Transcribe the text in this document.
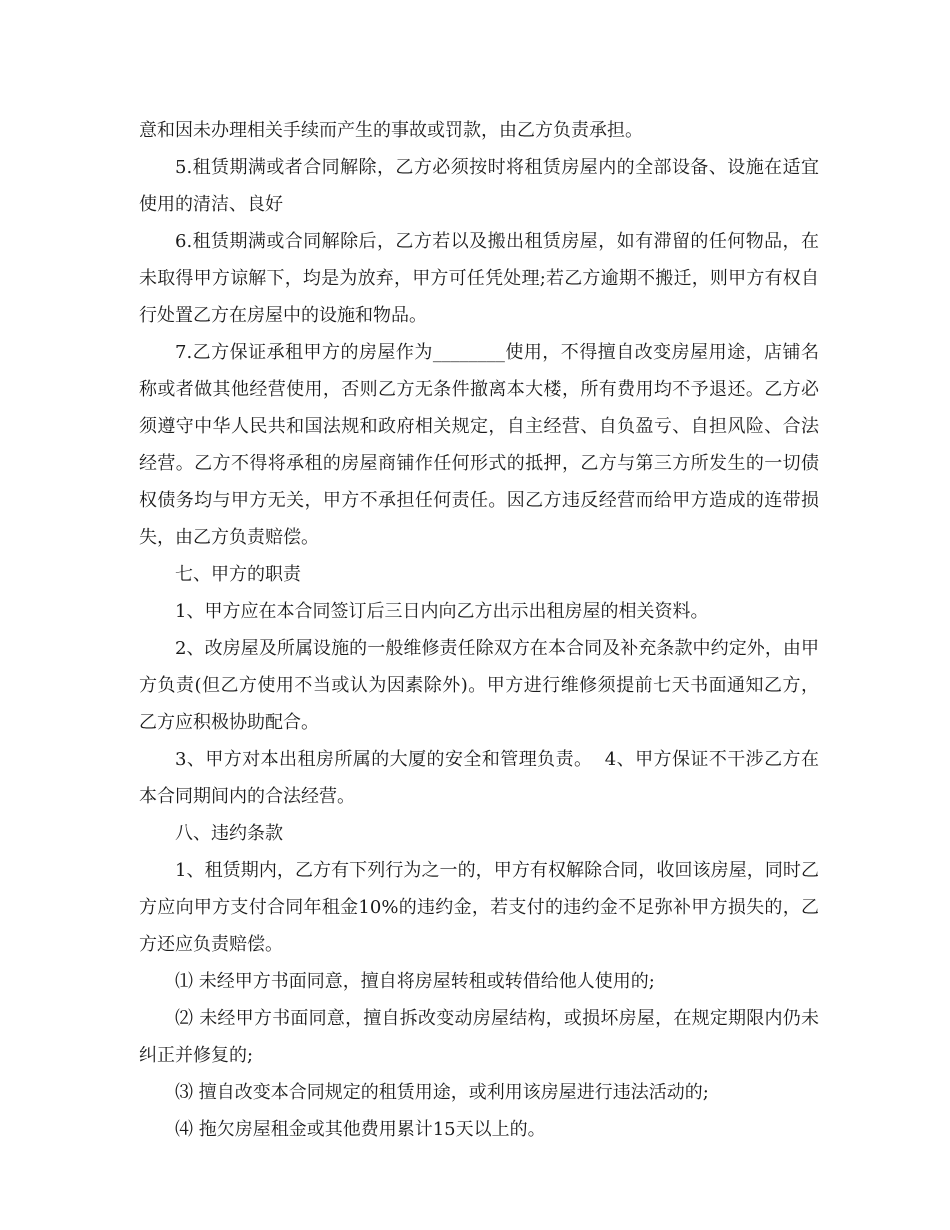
意和因未办理相关手续而产生的事故或罚款，由乙方负责承担。

5.租赁期满或者合同解除，乙方必须按时将租赁房屋内的全部设备、设施在适宜使用的清洁、良好

6.租赁期满或合同解除后，乙方若以及搬出租赁房屋，如有滞留的任何物品，在未取得甲方谅解下，均是为放弃，甲方可任凭处理;若乙方逾期不搬迁，则甲方有权自行处置乙方在房屋中的设施和物品。

7.乙方保证承租甲方的房屋作为________使用，不得擅自改变房屋用途，店铺名称或者做其他经营使用，否则乙方无条件撤离本大楼，所有费用均不予退还。乙方必须遵守中华人民共和国法规和政府相关规定，自主经营、自负盈亏、自担风险、合法经营。乙方不得将承租的房屋商铺作任何形式的抵押，乙方与第三方所发生的一切债权债务均与甲方无关，甲方不承担任何责任。因乙方违反经营而给甲方造成的连带损失，由乙方负责赔偿。

七、甲方的职责

1、甲方应在本合同签订后三日内向乙方出示出租房屋的相关资料。

2、改房屋及所属设施的一般维修责任除双方在本合同及补充条款中约定外，由甲方负责(但乙方使用不当或认为因素除外)。甲方进行维修须提前七天书面通知乙方，乙方应积极协助配合。

3、甲方对本出租房所属的大厦的安全和管理负责。  4、甲方保证不干涉乙方在本合同期间内的合法经营。

八、违约条款

1、租赁期内，乙方有下列行为之一的，甲方有权解除合同，收回该房屋，同时乙方应向甲方支付合同年租金10%的违约金，若支付的违约金不足弥补甲方损失的，乙方还应负责赔偿。

⑴ 未经甲方书面同意，擅自将房屋转租或转借给他人使用的;

⑵ 未经甲方书面同意，擅自拆改变动房屋结构，或损坏房屋，在规定期限内仍未纠正并修复的;

⑶ 擅自改变本合同规定的租赁用途，或利用该房屋进行违法活动的;

⑷ 拖欠房屋租金或其他费用累计15天以上的。
